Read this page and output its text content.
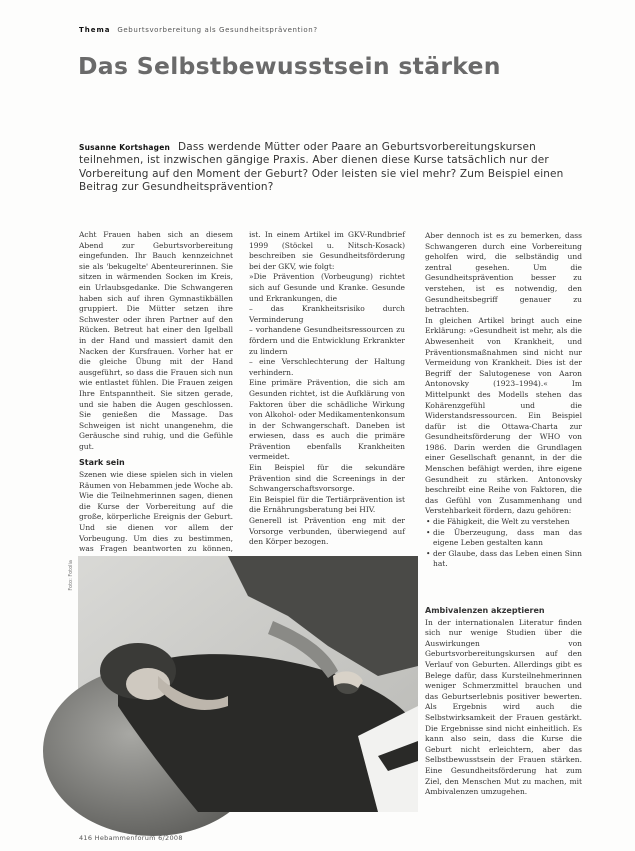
Thema Geburtsvorbereitung als Gesundheitsprävention?
Das Selbstbewusstsein stärken
Susanne Kortshagen Dass werdende Mütter oder Paare an Geburtsvorbereitungskursen teilnehmen, ist inzwischen gängige Praxis. Aber dienen diese Kurse tatsächlich nur der Vorbereitung auf den Moment der Geburt? Oder leisten sie viel mehr? Zum Beispiel einen Beitrag zur Gesundheitsprävention?

Acht Frauen haben sich an diesem Abend zur Geburtsvorbereitung eingefunden. Ihr Bauch kennzeichnet sie als 'bekugelte' Abenteurerinnen. Sie sitzen in wärmenden Socken im Kreis, ein Urlaubsgedanke. Die Schwangeren haben sich auf ihren Gymnastikbällen gruppiert. Die Mütter setzen ihre Schwester oder ihren Partner auf den Rücken. Betreut hat einer den Igelball in der Hand und massiert damit den Nacken der Kursfrauen. Vorher hat er die gleiche Übung mit der Hand ausgeführt, so dass die Frauen sich nun wie entlastet fühlen. Die Frauen zeigen Ihre Entspanntheit. Sie sitzen gerade, und sie haben die Augen geschlossen. Sie genießen die Massage. Das Schweigen ist nicht unangenehm, die Geräusche sind ruhig, und die Gefühle gut.

Stark sein

Szenen wie diese spielen sich in vielen Räumen von Hebammen jede Woche ab. Wie die Teilnehmerinnen sagen, dienen die Kurse der Vorbereitung auf die große, körperliche Ereignis der Geburt. Und sie dienen vor allem der Vorbeugung. Um dies zu bestimmen, was Fragen beantworten zu können,

ist. In einem Artikel im GKV-Rundbrief 1999 (Stöckel u. Nitsch-Kosack) beschreiben sie Gesundheitsförderung bei der GKV, wie folgt:

»Die Prävention (Vorbeugung) richtet sich auf Gesunde und Kranke. Gesunde und Erkrankungen, die

– das Krankheitsrisiko durch Verminderung
– vorhandene Gesundheitsressourcen zu fördern und die Entwicklung Erkrankter zu lindern
– eine Verschlechterung der Haltung verhindern.

Eine primäre Prävention, die sich am Gesunden richtet, ist die Aufklärung von Faktoren über die schädliche Wirkung von Alkohol- oder Medikamentenkonsum in der Schwangerschaft. Daneben ist erwiesen, dass es auch die primäre Prävention ebenfalls Krankheiten vermeidet.

Ein Beispiel für die sekundäre Prävention sind die Screenings in der Schwangerschaftsvorsorge.

Ein Beispiel für die Tertiärprävention ist die Ernährungsberatung bei HIV.

Generell ist Prävention eng mit der Vorsorge verbunden, überwiegend auf den Körper bezogen.

Aber dennoch ist es zu bemerken, dass Schwangeren durch eine Vorbereitung geholfen wird, die selbständig und zentral gesehen. Um die Gesundheitsprävention besser zu verstehen, ist es notwendig, den Gesundheitsbegriff genauer zu betrachten.

In gleichen Artikel bringt auch eine Erklärung: »Gesundheit ist mehr, als die Abwesenheit von Krankheit, und Präventionsmaßnahmen sind nicht nur Vermeidung von Krankheit. Dies ist der Begriff der Salutogenese von Aaron Antonovsky (1923–1994).« Im Mittelpunkt des Modells stehen das Kohärenzgefühl und die Widerstandsressourcen. Ein Beispiel dafür ist die Ottawa-Charta zur Gesundheitsförderung der WHO von 1986. Darin werden die Grundlagen einer Gesellschaft genannt, in der die Menschen befähigt werden, ihre eigene Gesundheit zu stärken. Antonovsky beschreibt eine Reihe von Faktoren, die das Gefühl von Zusammenhang und Verstehbarkeit fördern, dazu gehören:

• die Fähigkeit, die Welt zu verstehen
• die Überzeugung, dass man das eigene Leben gestalten kann
• der Glaube, dass das Leben einen Sinn hat.
Ambivalenzen akzeptieren

In der internationalen Literatur finden sich nur wenige Studien über die Auswirkungen von Geburtsvorbereitungskursen auf den Verlauf von Geburten. Allerdings gibt es Belege dafür, dass Kursteilnehmerinnen weniger Schmerzmittel brauchen und das Geburtserlebnis positiver bewerten. Als Ergebnis wird auch die Selbstwirksamkeit der Frauen gestärkt. Die Ergebnisse sind nicht einheitlich. Es kann also sein, dass die Kurse die Geburt nicht erleichtern, aber das Selbstbewusstsein der Frauen stärken. Eine Gesundheitsförderung hat zum Ziel, den Menschen Mut zu machen, mit Ambivalenzen umzugehen.

Foto: Fotolia
416 Hebammenforum 6/2008
